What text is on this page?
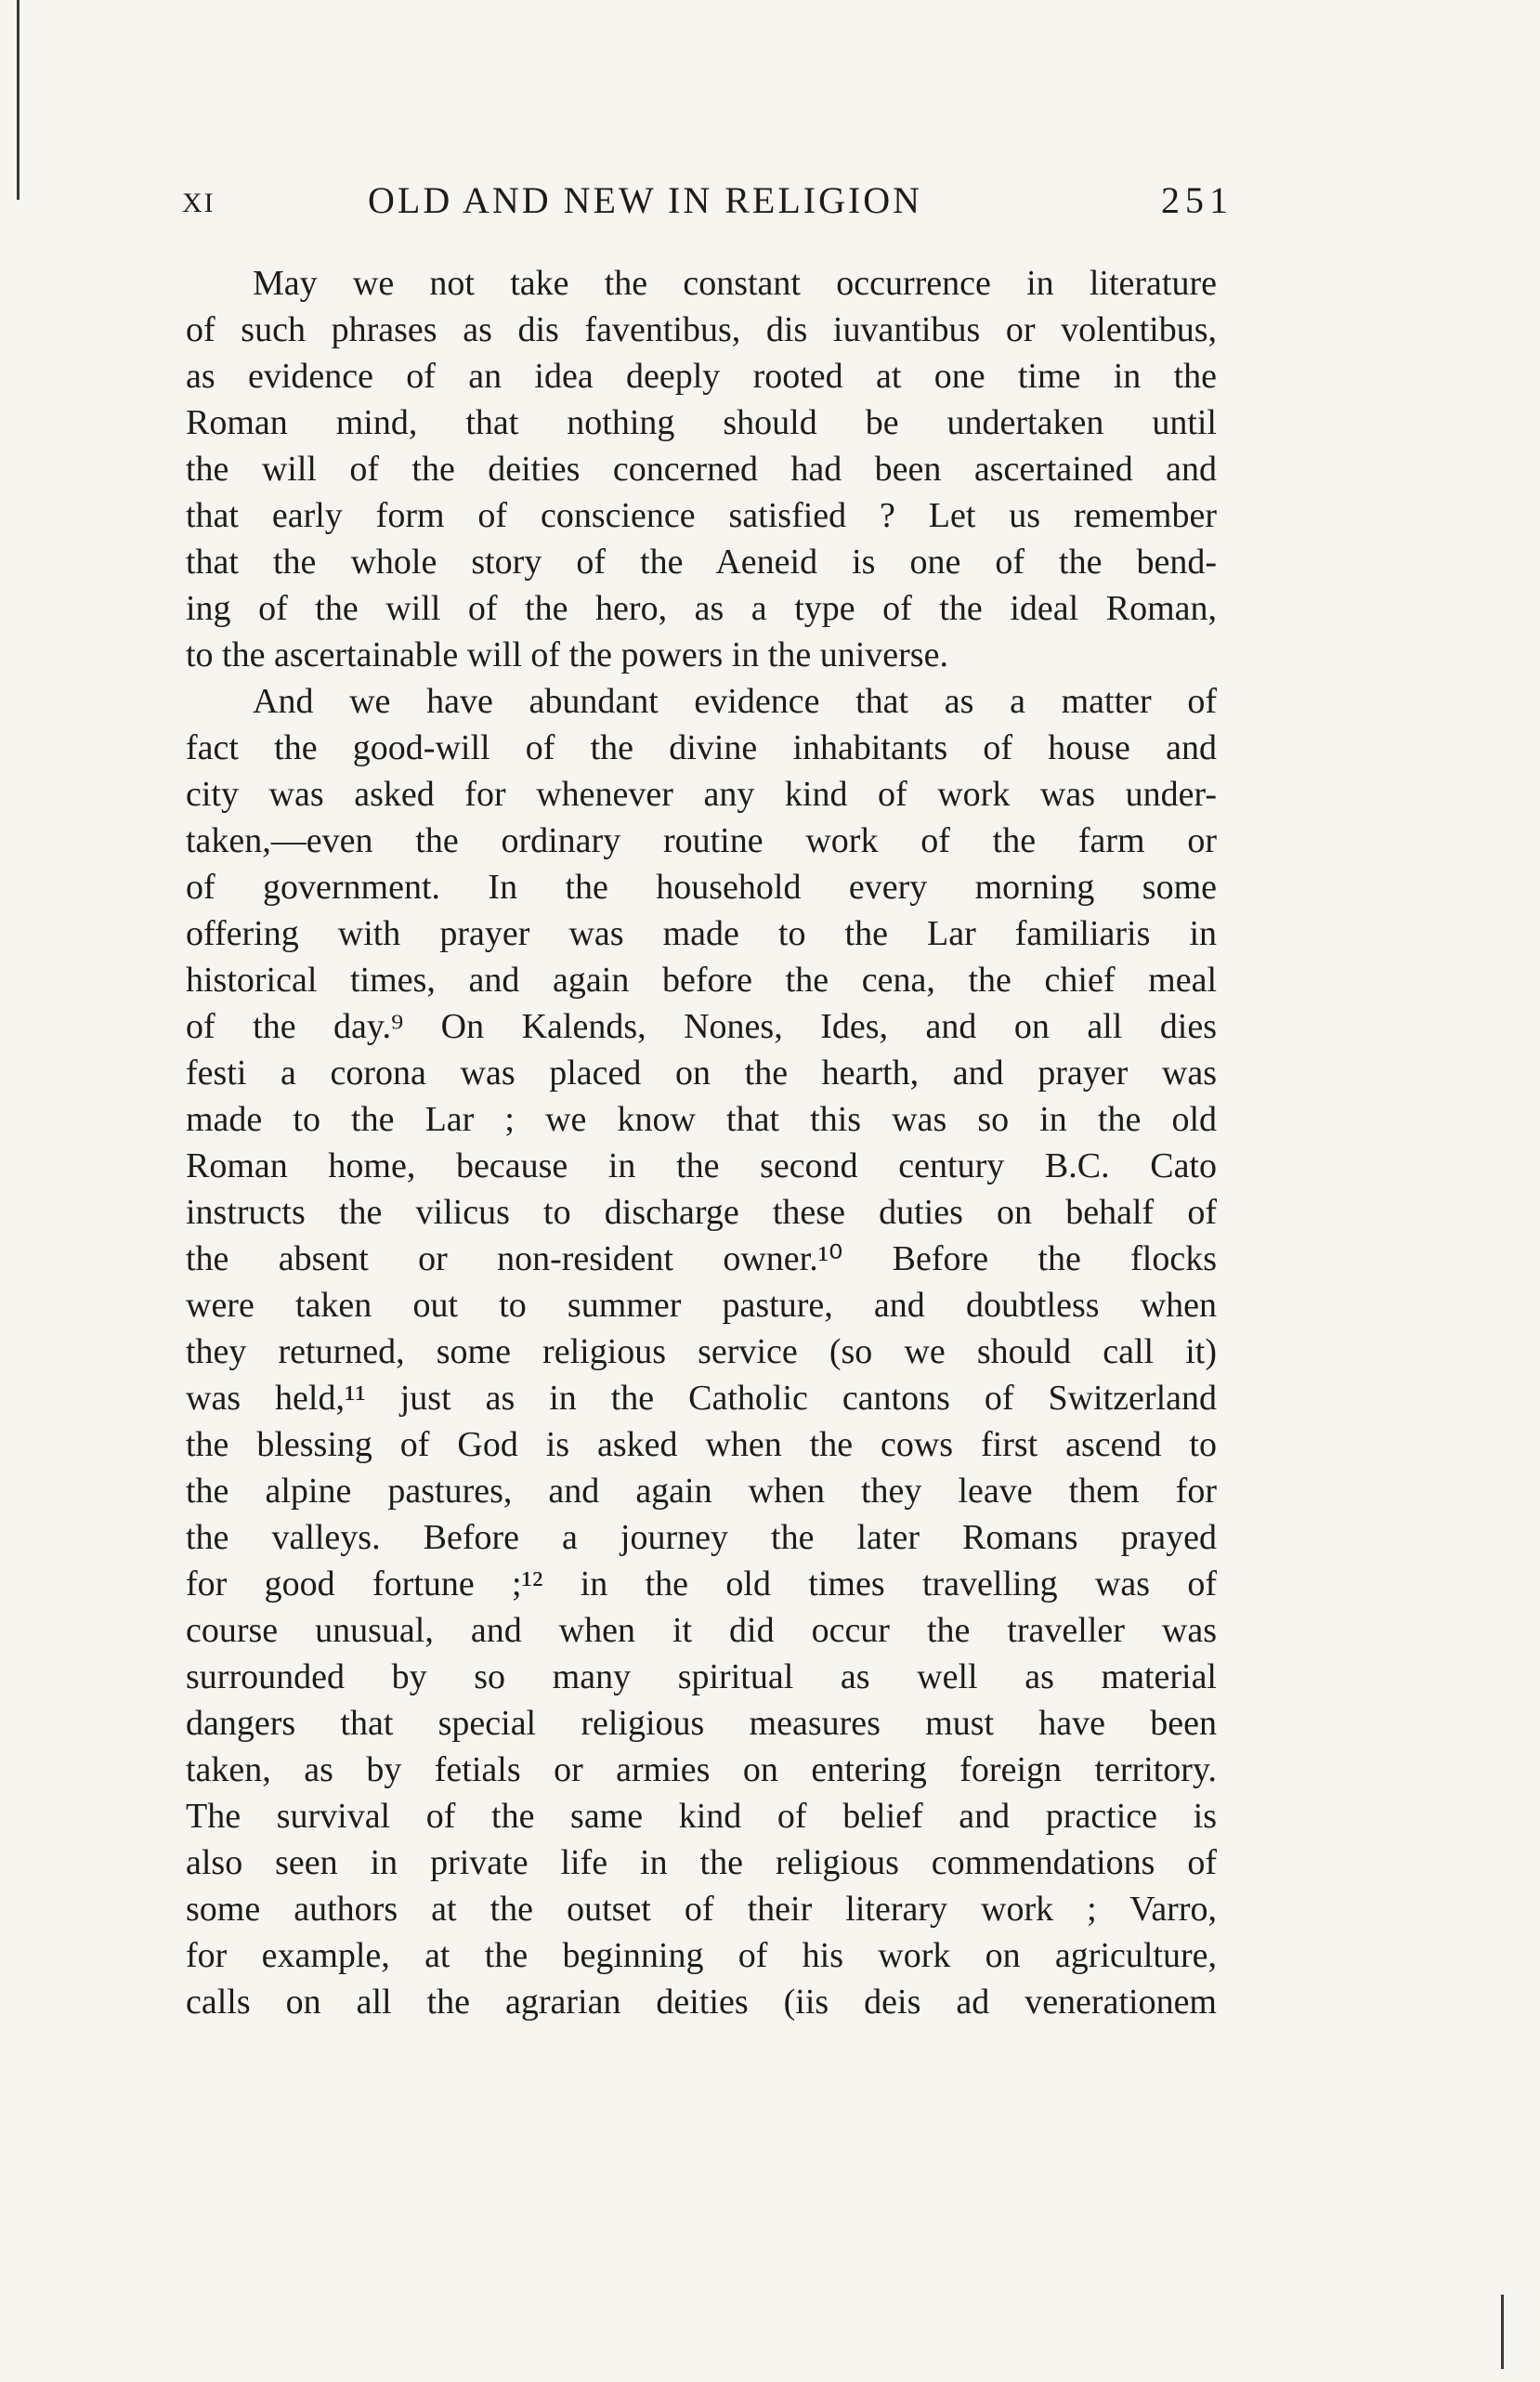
XI	OLD AND NEW IN RELIGION	251
May we not take the constant occurrence in literature
of such phrases as dis faventibus, dis iuvantibus or volentibus,
as evidence of an idea deeply rooted at one time in the
Roman mind, that nothing should be undertaken until
the will of the deities concerned had been ascertained and
that early form of conscience satisfied ? Let us remember
that the whole story of the Aeneid is one of the bend-
ing of the will of the hero, as a type of the ideal Roman,
to the ascertainable will of the powers in the universe.
And we have abundant evidence that as a matter of
fact the good-will of the divine inhabitants of house and
city was asked for whenever any kind of work was under-
taken,—even the ordinary routine work of the farm or
of government. In the household every morning some
offering with prayer was made to the Lar familiaris in
historical times, and again before the cena, the chief meal
of the day.⁹ On Kalends, Nones, Ides, and on all dies
festi a corona was placed on the hearth, and prayer was
made to the Lar ; we know that this was so in the old
Roman home, because in the second century B.C. Cato
instructs the vilicus to discharge these duties on behalf of
the absent or non-resident owner.¹⁰ Before the flocks
were taken out to summer pasture, and doubtless when
they returned, some religious service (so we should call it)
was held,¹¹ just as in the Catholic cantons of Switzerland
the blessing of God is asked when the cows first ascend to
the alpine pastures, and again when they leave them for
the valleys. Before a journey the later Romans prayed
for good fortune ;¹² in the old times travelling was of
course unusual, and when it did occur the traveller was
surrounded by so many spiritual as well as material
dangers that special religious measures must have been
taken, as by fetials or armies on entering foreign territory.
The survival of the same kind of belief and practice is
also seen in private life in the religious commendations of
some authors at the outset of their literary work ; Varro,
for example, at the beginning of his work on agriculture,
calls on all the agrarian deities (iis deis ad venerationem
